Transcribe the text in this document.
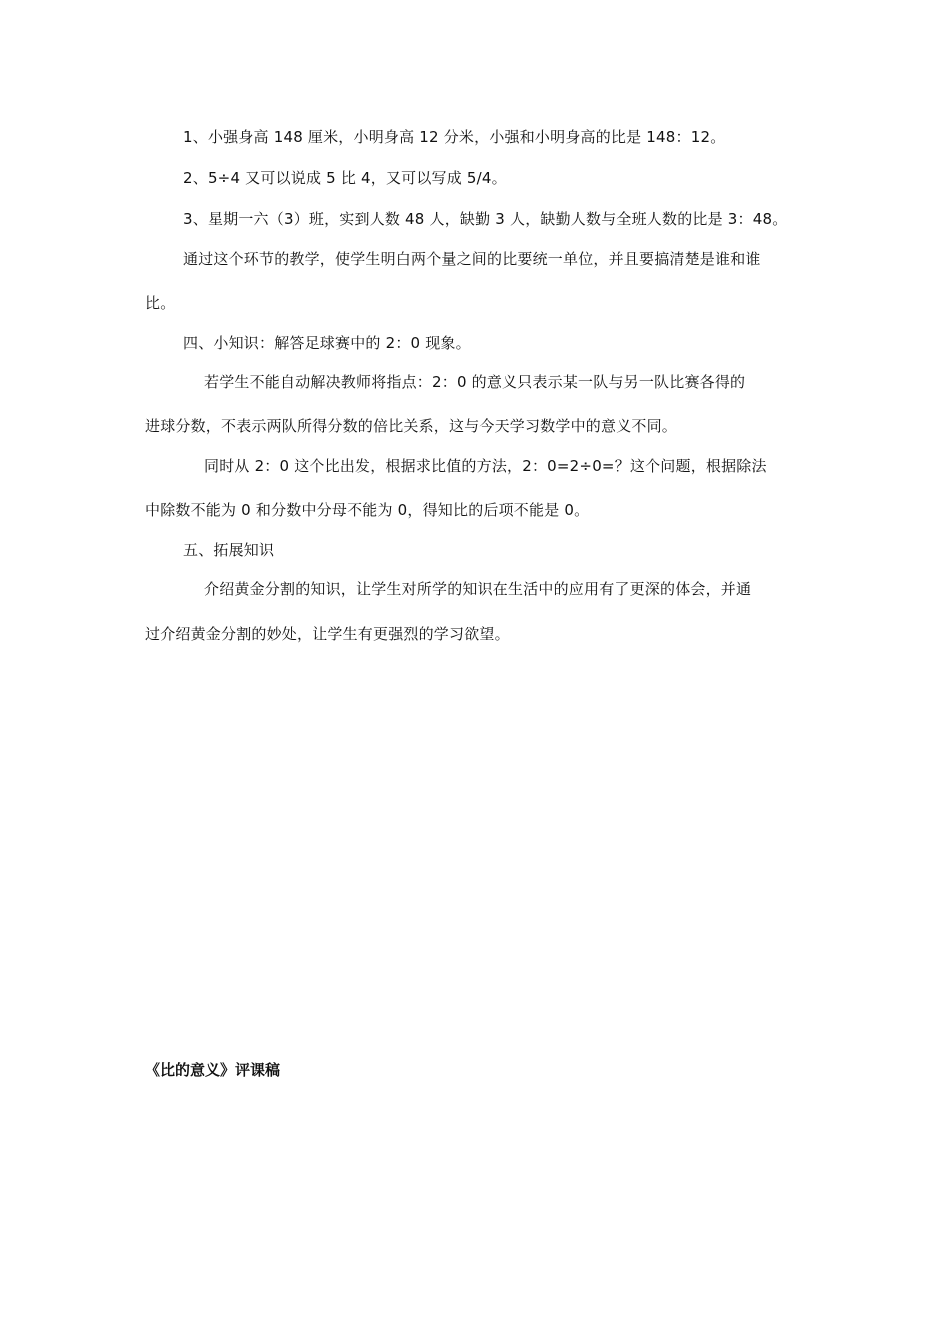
1、小强身高 148 厘米，小明身高 12 分米，小强和小明身高的比是 148：12。
2、5÷4 又可以说成 5 比 4，又可以写成 5/4。
3、星期一六（3）班，实到人数 48 人，缺勤 3 人，缺勤人数与全班人数的比是 3：48。
通过这个环节的教学，使学生明白两个量之间的比要统一单位，并且要搞清楚是谁和谁
比。
四、小知识：解答足球赛中的 2：0 现象。
若学生不能自动解决教师将指点：2：0 的意义只表示某一队与另一队比赛各得的
进球分数，不表示两队所得分数的倍比关系，这与今天学习数学中的意义不同。
同时从 2：0 这个比出发，根据求比值的方法，2：0=2÷0=？这个问题，根据除法
中除数不能为 0 和分数中分母不能为 0，得知比的后项不能是 0。
五、拓展知识
介绍黄金分割的知识，让学生对所学的知识在生活中的应用有了更深的体会，并通
过介绍黄金分割的妙处，让学生有更强烈的学习欲望。
《比的意义》评课稿
